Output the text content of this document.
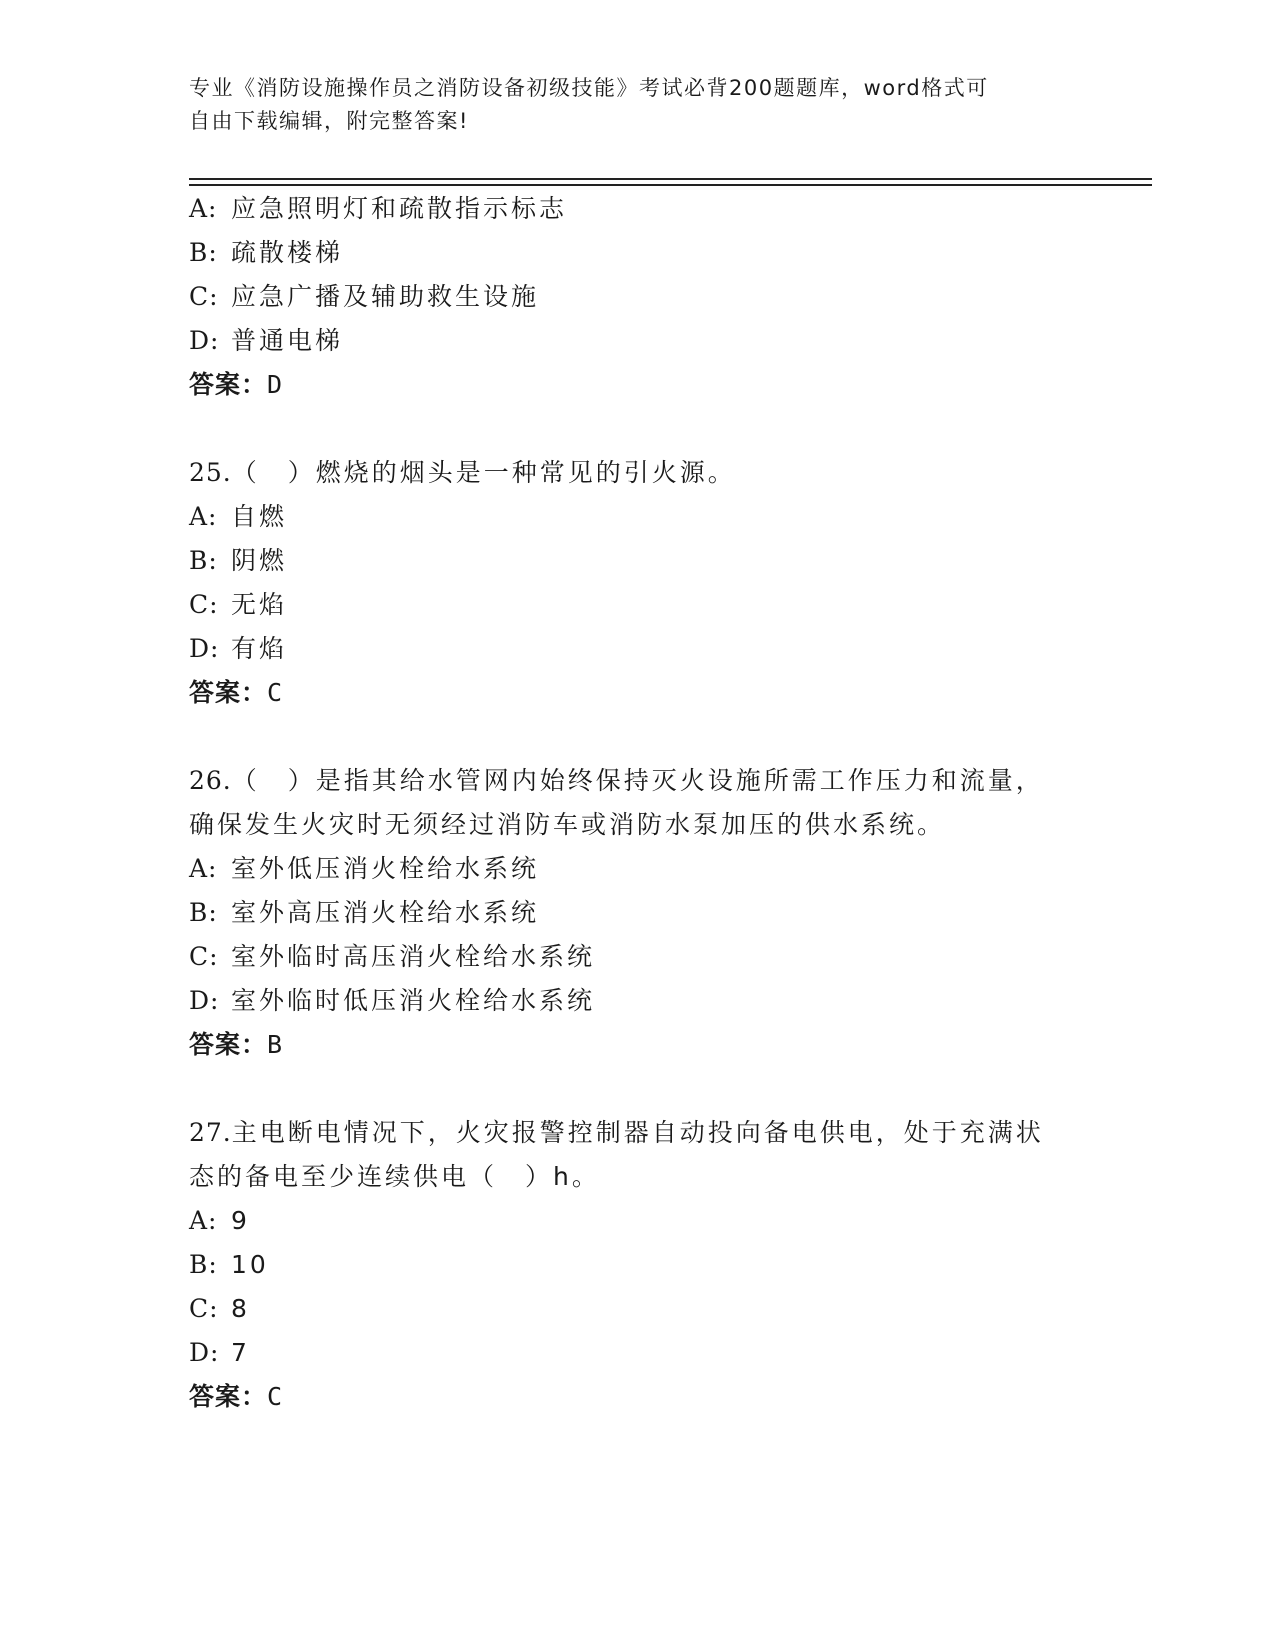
专业《消防设施操作员之消防设备初级技能》考试必背200题题库，word格式可
自由下载编辑，附完整答案!
A: 应急照明灯和疏散指示标志
B: 疏散楼梯
C: 应急广播及辅助救生设施
D: 普通电梯
答案：D
25.（　）燃烧的烟头是一种常见的引火源。
A: 自燃
B: 阴燃
C: 无焰
D: 有焰
答案：C
26.（　）是指其给水管网内始终保持灭火设施所需工作压力和流量，
确保发生火灾时无须经过消防车或消防水泵加压的供水系统。
A: 室外低压消火栓给水系统
B: 室外高压消火栓给水系统
C: 室外临时高压消火栓给水系统
D: 室外临时低压消火栓给水系统
答案：B
27.主电断电情况下，火灾报警控制器自动投向备电供电，处于充满状
态的备电至少连续供电（　）h。
A: 9
B: 10
C: 8
D: 7
答案：C
